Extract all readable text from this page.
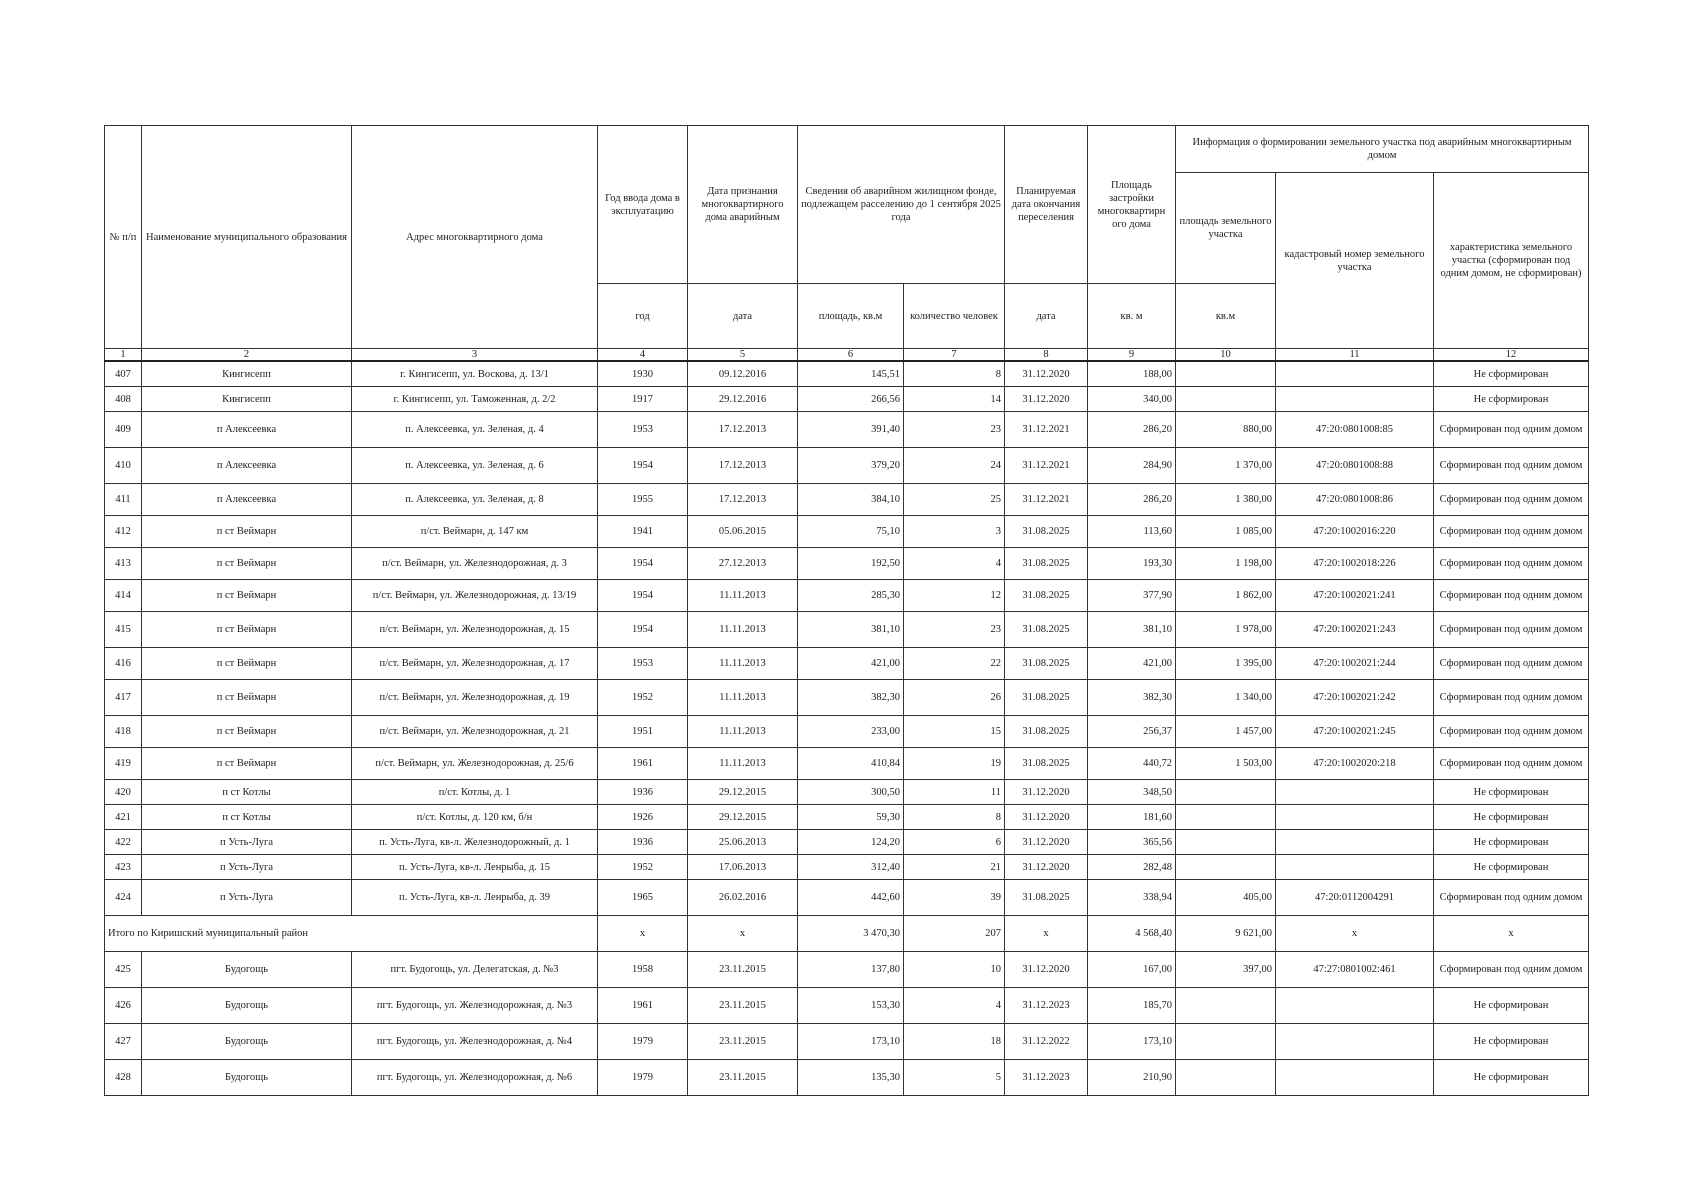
№ п/п	Наименование муниципального образования	Адрес многоквартирного дома	Год ввода дома в эксплуатацию	Дата признания многоквартирного дома аварийным	Сведения об аварийном жилищном фонде, подлежащем расселению до 1 сентября 2025 года		Планируемая дата окончания переселения	Площадь застройки многоквартирн ого дома	Информация о формировании земельного участка под аварийным многоквартирным домом		
									площадь земельного участка	кадастровый номер земельного участка	характеристика земельного участка (сформирован под одним домом, не сформирован)
			год	дата	площадь, кв.м	количество человек	дата	кв. м	кв.м		
1	2	3	4	5	6	7	8	9	10	11	12
407	Кингисепп	г. Кингисепп, ул. Воскова, д. 13/1	1930	09.12.2016	145,51	8	31.12.2020	188,00			Не сформирован
408	Кингисепп	г. Кингисепп, ул. Таможенная, д. 2/2	1917	29.12.2016	266,56	14	31.12.2020	340,00			Не сформирован
409	п Алексеевка	п. Алексеевка, ул. Зеленая, д. 4	1953	17.12.2013	391,40	23	31.12.2021	286,20	880,00	47:20:0801008:85	Сформирован под одним домом
410	п Алексеевка	п. Алексеевка, ул. Зеленая, д. 6	1954	17.12.2013	379,20	24	31.12.2021	284,90	1 370,00	47:20:0801008:88	Сформирован под одним домом
411	п Алексеевка	п. Алексеевка, ул. Зеленая, д. 8	1955	17.12.2013	384,10	25	31.12.2021	286,20	1 380,00	47:20:0801008:86	Сформирован под одним домом
412	п ст Веймарн	п/ст. Веймарн, д. 147 км	1941	05.06.2015	75,10	3	31.08.2025	113,60	1 085,00	47:20:1002016:220	Сформирован под одним домом
413	п ст Веймарн	п/ст. Веймарн, ул. Железнодорожная, д. 3	1954	27.12.2013	192,50	4	31.08.2025	193,30	1 198,00	47:20:1002018:226	Сформирован под одним домом
414	п ст Веймарн	п/ст. Веймарн, ул. Железнодорожная, д. 13/19	1954	11.11.2013	285,30	12	31.08.2025	377,90	1 862,00	47:20:1002021:241	Сформирован под одним домом
415	п ст Веймарн	п/ст. Веймарн, ул. Железнодорожная, д. 15	1954	11.11.2013	381,10	23	31.08.2025	381,10	1 978,00	47:20:1002021:243	Сформирован под одним домом
416	п ст Веймарн	п/ст. Веймарн, ул. Железнодорожная, д. 17	1953	11.11.2013	421,00	22	31.08.2025	421,00	1 395,00	47:20:1002021:244	Сформирован под одним домом
417	п ст Веймарн	п/ст. Веймарн, ул. Железнодорожная, д. 19	1952	11.11.2013	382,30	26	31.08.2025	382,30	1 340,00	47:20:1002021:242	Сформирован под одним домом
418	п ст Веймарн	п/ст. Веймарн, ул. Железнодорожная, д. 21	1951	11.11.2013	233,00	15	31.08.2025	256,37	1 457,00	47:20:1002021:245	Сформирован под одним домом
419	п ст Веймарн	п/ст. Веймарн, ул. Железнодорожная, д. 25/6	1961	11.11.2013	410,84	19	31.08.2025	440,72	1 503,00	47:20:1002020:218	Сформирован под одним домом
420	п ст Котлы	п/ст. Котлы, д. 1	1936	29.12.2015	300,50	11	31.12.2020	348,50			Не сформирован
421	п ст Котлы	п/ст. Котлы, д. 120 км, б/н	1926	29.12.2015	59,30	8	31.12.2020	181,60			Не сформирован
422	п Усть-Луга	п. Усть-Луга, кв-л. Железнодорожный, д. 1	1936	25.06.2013	124,20	6	31.12.2020	365,56			Не сформирован
423	п Усть-Луга	п. Усть-Луга, кв-л. Ленрыба, д. 15	1952	17.06.2013	312,40	21	31.12.2020	282,48			Не сформирован
424	п Усть-Луга	п. Усть-Луга, кв-л. Ленрыба, д. 39	1965	26.02.2016	442,60	39	31.08.2025	338,94	405,00	47:20:0112004291	Сформирован под одним домом
Итого по Киришский муниципальный район			x	x	3 470,30	207	x	4 568,40	9 621,00	x	x
425	Будогощь	пгт. Будогощь, ул. Делегатская, д. №3	1958	23.11.2015	137,80	10	31.12.2020	167,00	397,00	47:27:0801002:461	Сформирован под одним домом
426	Будогощь	пгт. Будогощь, ул. Железнодорожная, д. №3	1961	23.11.2015	153,30	4	31.12.2023	185,70			Не сформирован
427	Будогощь	пгт. Будогощь, ул. Железнодорожная, д. №4	1979	23.11.2015	173,10	18	31.12.2022	173,10			Не сформирован
428	Будогощь	пгт. Будогощь, ул. Железнодорожная, д. №6	1979	23.11.2015	135,30	5	31.12.2023	210,90			Не сформирован
